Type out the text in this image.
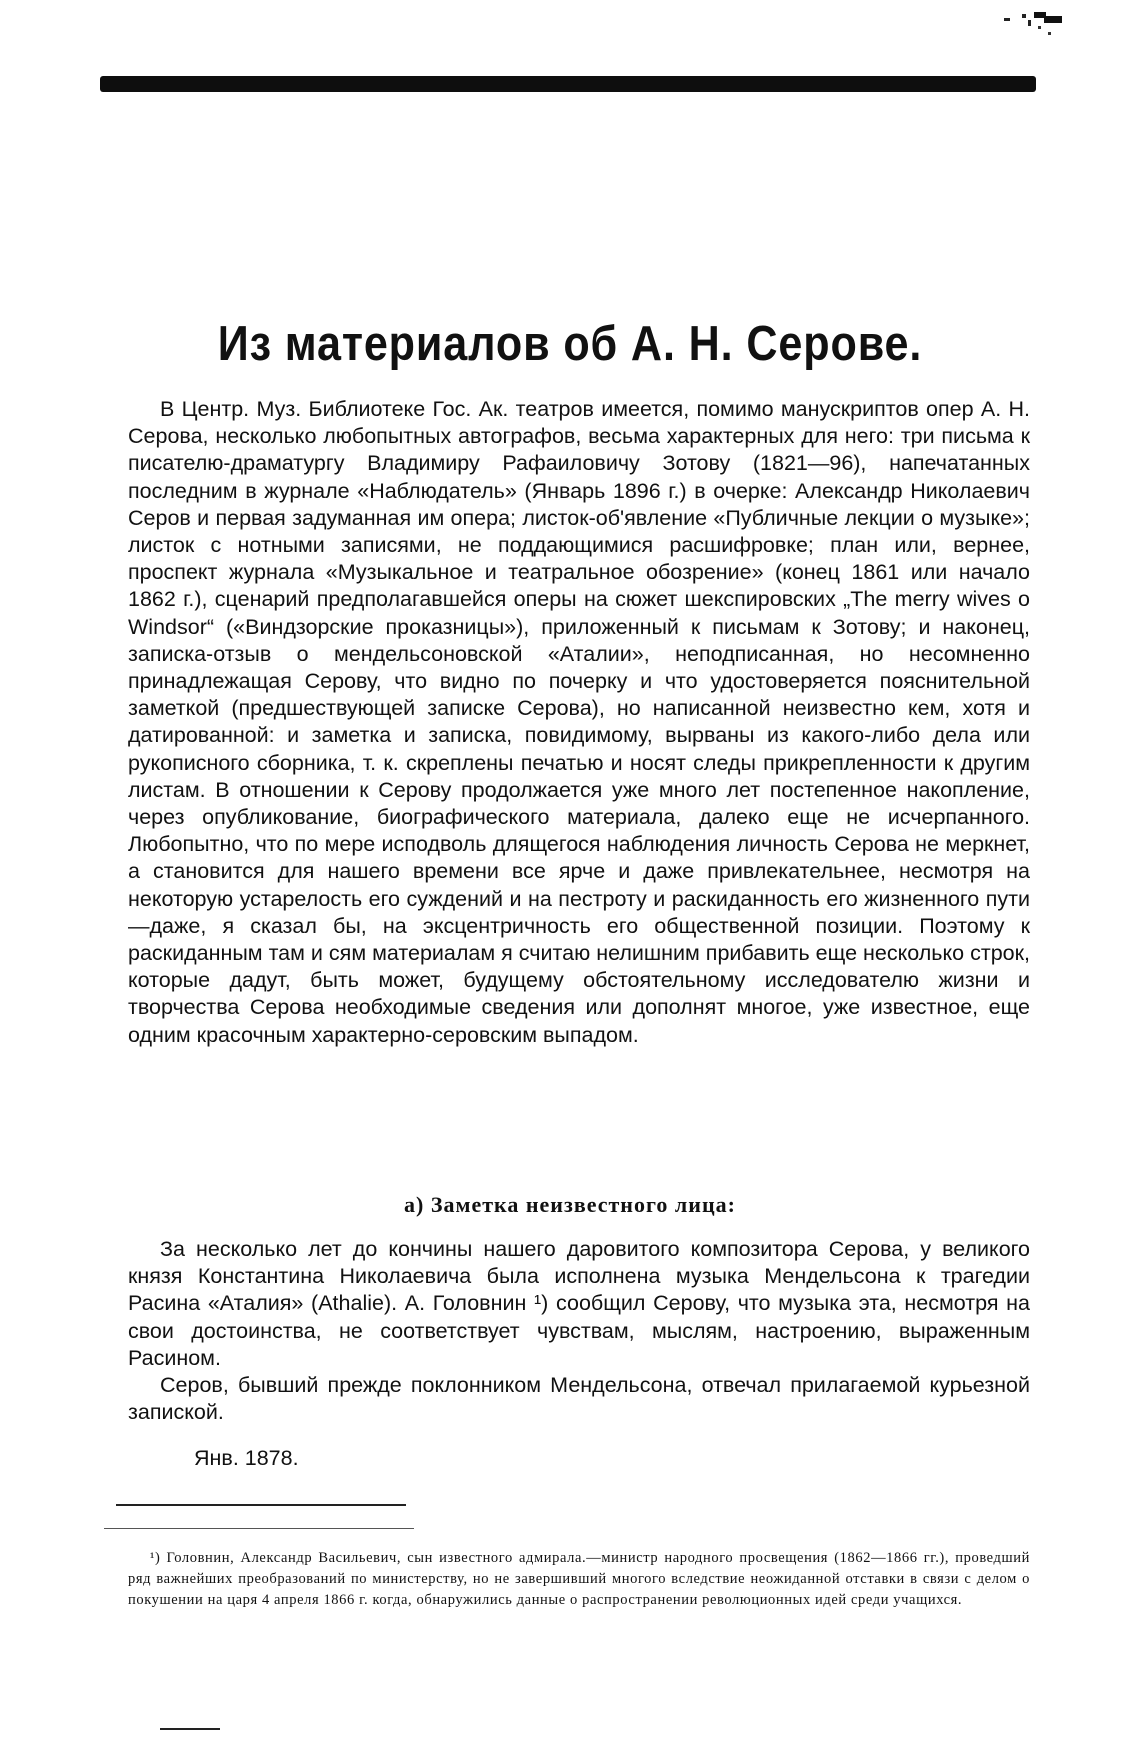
Из материалов об А. Н. Серове.

В Центр. Муз. Библиотеке Гос. Ак. театров имеется, помимо манускриптов опер А. Н. Серова, несколько любопытных автографов, весьма характерных для него: три письма к писателю-драматургу Владимиру Рафаиловичу Зотову (1821—96), напечатанных последним в журнале «Наблюдатель» (Январь 1896 г.) в очерке: Александр Николаевич Серов и первая задуманная им опера; листок-об'явление «Публичные лекции о музыке»; листок с нотными записями, не поддающимися расшифровке; план или, вернее, проспект журнала «Музыкальное и театральное обозрение» (конец 1861 или начало 1862 г.), сценарий предполагавшейся оперы на сюжет шекспировских „The merry wives o Windsor“ («Виндзорские проказницы»), приложенный к письмам к Зотову; и наконец, записка-отзыв о мендельсоновской «Аталии», неподписанная, но несомненно принадлежащая Серову, что видно по почерку и что удостоверяется пояснительной заметкой (предшествующей записке Серова), но написанной неизвестно кем, хотя и датированной: и заметка и записка, повидимому, вырваны из какого-либо дела или рукописного сборника, т. к. скреплены печатью и носят следы прикрепленности к другим листам. В отношении к Серову продолжается уже много лет постепенное накопление, через опубликование, биографического материала, далеко еще не исчерпанного. Любопытно, что по мере исподволь длящегося наблюдения личность Серова не меркнет, а становится для нашего времени все ярче и даже привлекательнее, несмотря на некоторую устарелость его суждений и на пестроту и раскиданность его жизненного пути—даже, я сказал бы, на эксцентричность его общественной позиции. Поэтому к раскиданным там и сям материалам я считаю нелишним прибавить еще несколько строк, которые дадут, быть может, будущему обстоятельному исследователю жизни и творчества Серова необходимые сведения или дополнят многое, уже известное, еще одним красочным характерно-серовским выпадом.

а) Заметка неизвестного лица:

За несколько лет до кончины нашего даровитого композитора Серова, у великого князя Константина Николаевича была исполнена музыка Мендельсона к трагедии Расина «Аталия» (Athalie). А. Головнин ¹) сообщил Серову, что музыка эта, несмотря на свои достоинства, не соответствует чувствам, мыслям, настроению, выраженным Расином.

Серов, бывший прежде поклонником Мендельсона, отвечал прилагаемой курьезной запиской.

Янв. 1878.

¹) Головнин, Александр Васильевич, сын известного адмирала.—министр народного просвещения (1862—1866 гг.), проведший ряд важнейших преобразований по министерству, но не завершивший многого вследствие неожиданной отставки в связи с делом о покушении на царя 4 апреля 1866 г. когда, обнаружились данные о распространении революционных идей среди учащихся.
